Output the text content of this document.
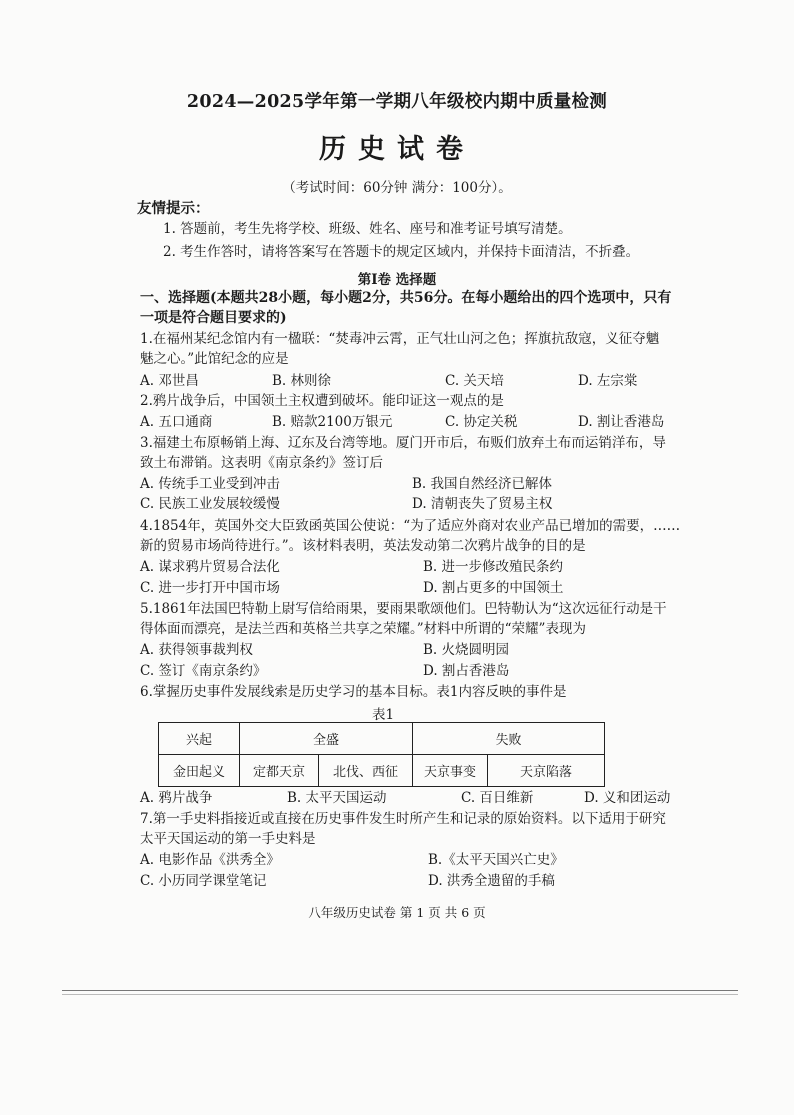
2024—2025学年第一学期八年级校内期中质量检测
历史试卷
（考试时间：60分钟 满分：100分）。
友情提示：
1. 答题前，考生先将学校、班级、姓名、座号和准考证号填写清楚。
2. 考生作答时，请将答案写在答题卡的规定区域内，并保持卡面清洁，不折叠。
第Ⅰ卷 选择题
一、选择题(本题共28小题，每小题2分，共56分。在每小题给出的四个选项中，只有
一项是符合题目要求的)
1.在福州某纪念馆内有一楹联：“焚毒冲云霄，正气壮山河之色；挥旗抗敌寇，义征夺魑
魅之心。”此馆纪念的应是
A. 邓世昌	B. 林则徐	C. 关天培	D. 左宗棠
2.鸦片战争后，中国领土主权遭到破坏。能印证这一观点的是
A. 五口通商	B. 赔款2100万银元	C. 协定关税	D. 割让香港岛
3.福建土布原畅销上海、辽东及台湾等地。厦门开市后，布贩们放弃土布而运销洋布，导
致土布滞销。这表明《南京条约》签订后
A. 传统手工业受到冲击	B. 我国自然经济已解体
C. 民族工业发展较缓慢	D. 清朝丧失了贸易主权
4.1854年，英国外交大臣致函英国公使说：“为了适应外商对农业产品已增加的需要，……
新的贸易市场尚待进行。”。该材料表明，英法发动第二次鸦片战争的目的是
A. 谋求鸦片贸易合法化	B. 进一步修改殖民条约
C. 进一步打开中国市场	D. 割占更多的中国领土
5.1861年法国巴特勒上尉写信给雨果，要雨果歌颂他们。巴特勒认为“这次远征行动是干
得体面而漂亮，是法兰西和英格兰共享之荣耀。”材料中所谓的“荣耀”表现为
A. 获得领事裁判权	B. 火烧圆明园
C. 签订《南京条约》	D. 割占香港岛
6.掌握历史事件发展线索是历史学习的基本目标。表1内容反映的事件是
表1
兴起	全盛		失败	
金田起义	定都天京	北伐、西征	天京事变	天京陷落
A. 鸦片战争	B. 太平天国运动	C. 百日维新	D. 义和团运动
7.第一手史料指接近或直接在历史事件发生时所产生和记录的原始资料。以下适用于研究
太平天国运动的第一手史料是
A. 电影作品《洪秀全》	B.《太平天国兴亡史》
C. 小历同学课堂笔记	D. 洪秀全遗留的手稿
八年级历史试卷 第 1 页 共 6 页
